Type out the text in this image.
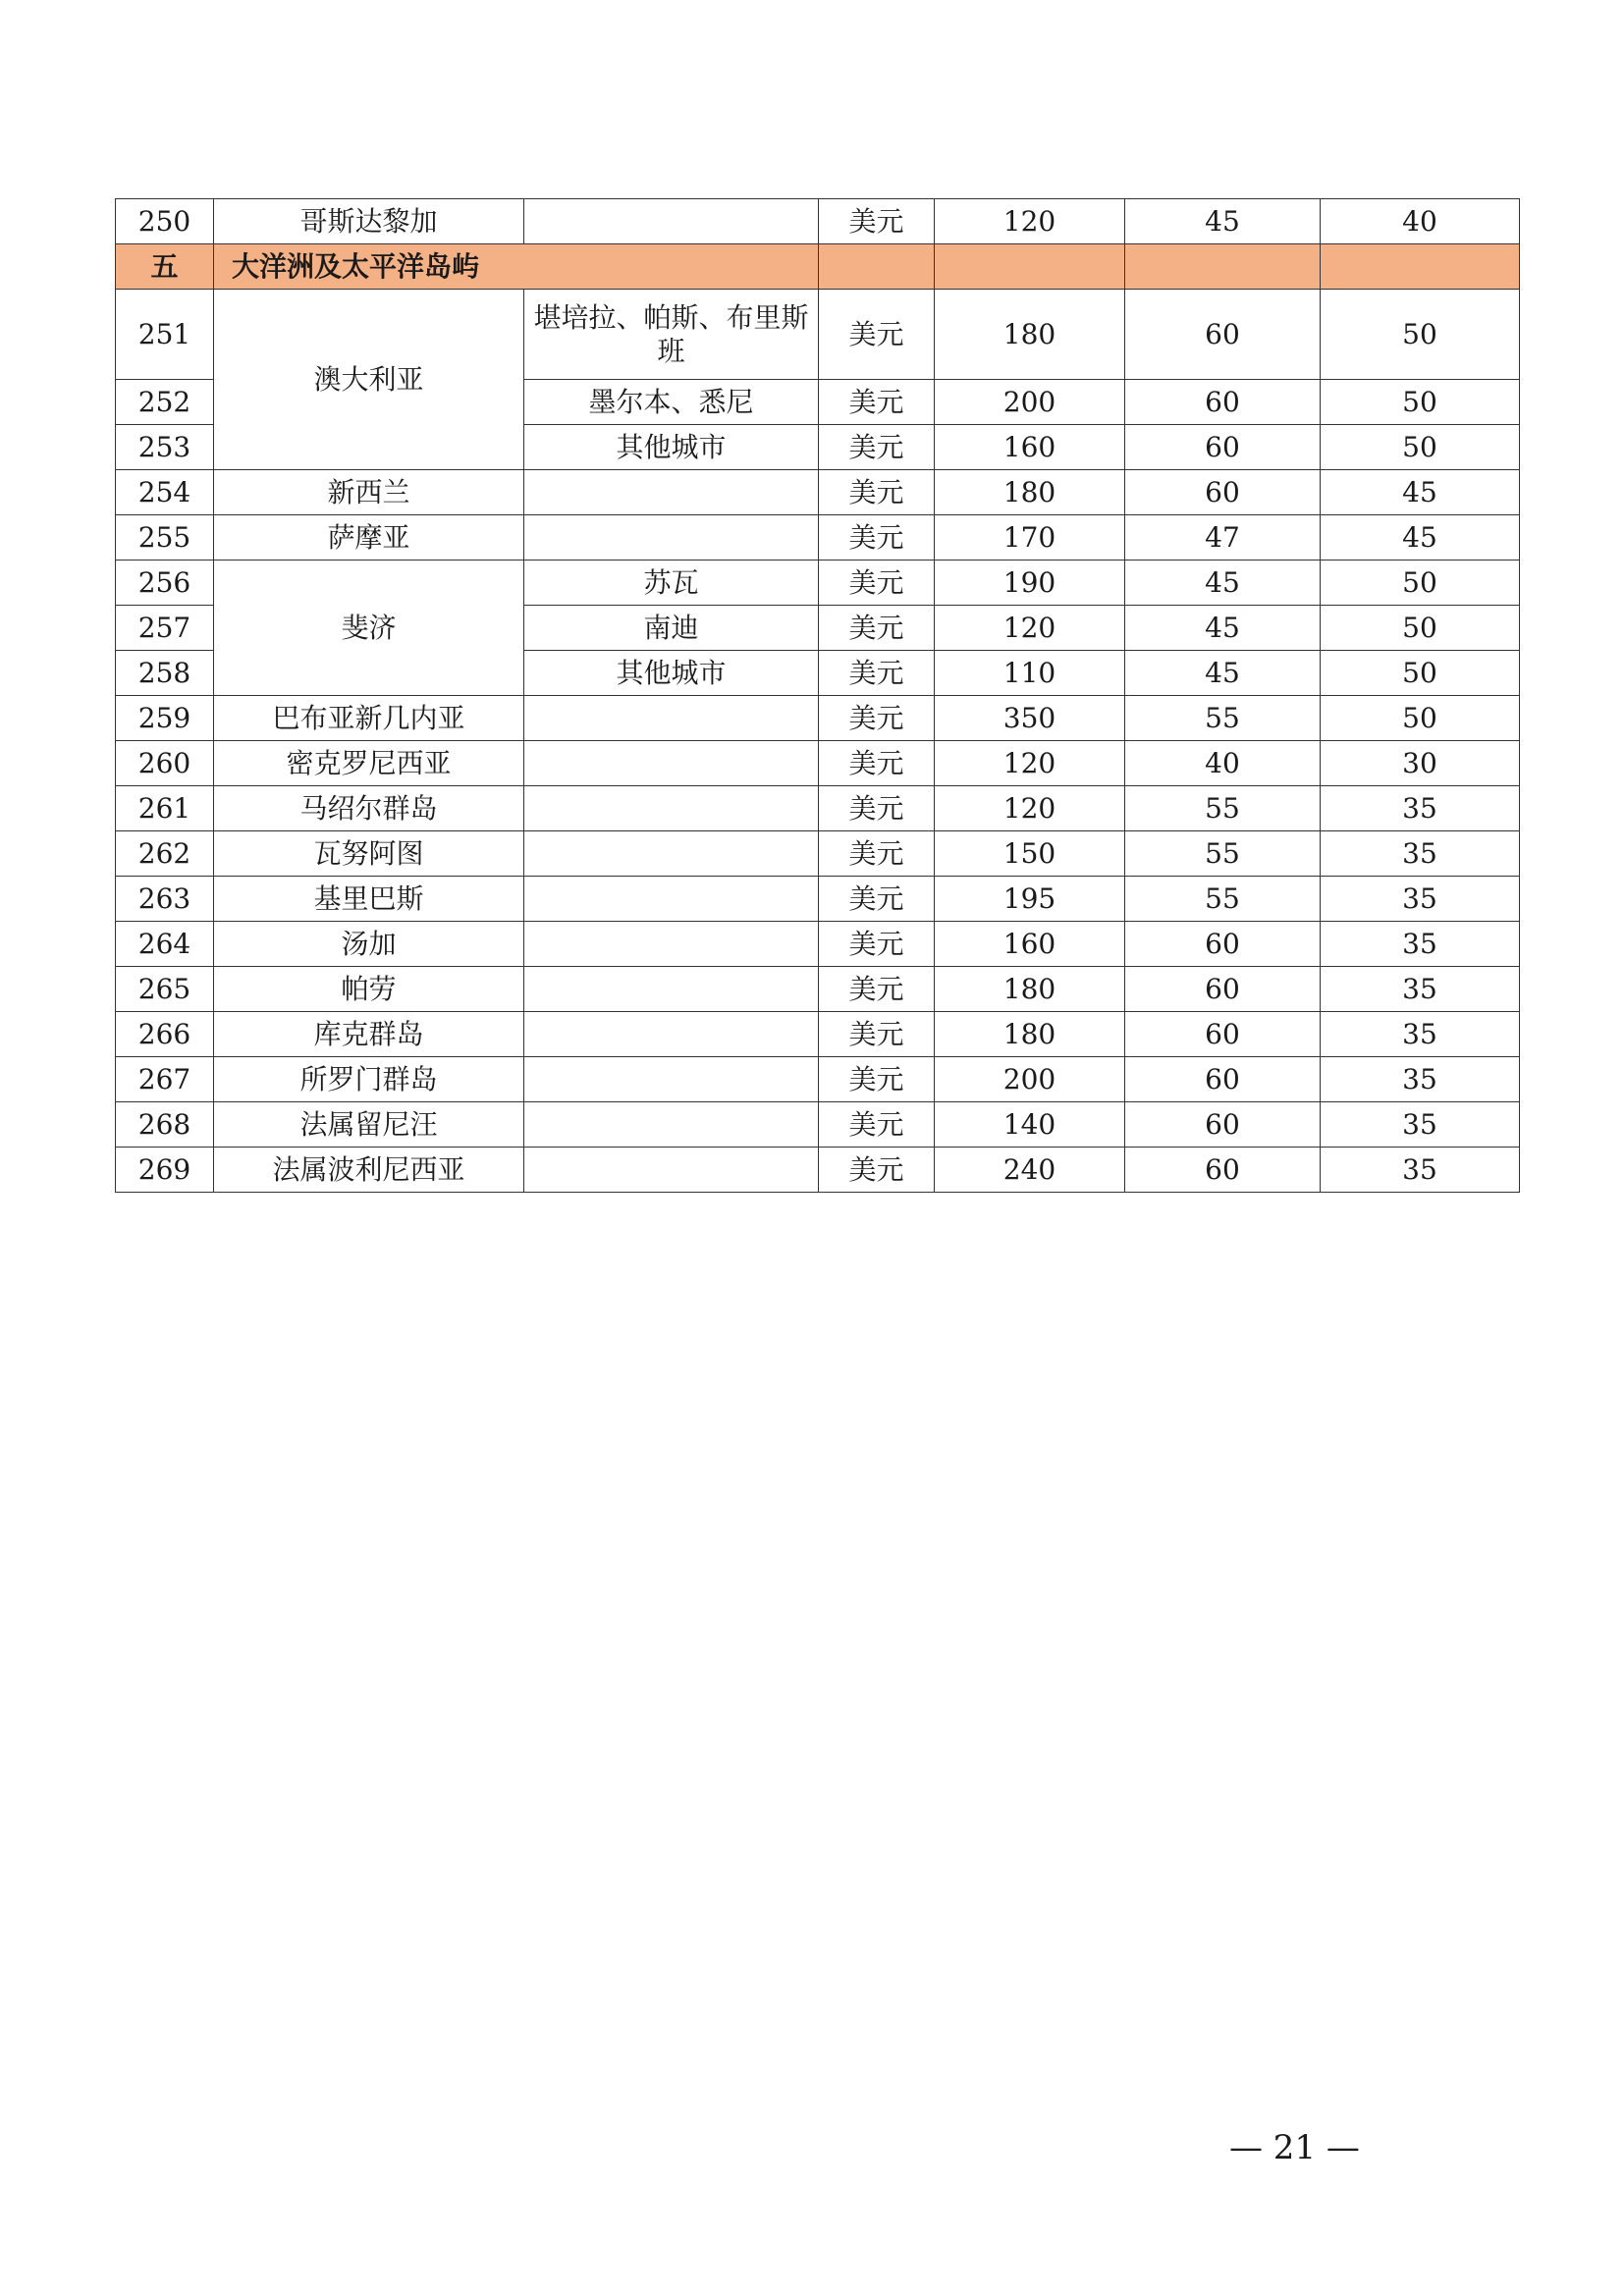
250	哥斯达黎加		美元	120	45	40
五	大洋洲及太平洋岛屿					
251	澳大利亚	堪培拉、帕斯、布里斯班	美元	180	60	50
252		墨尔本、悉尼	美元	200	60	50
253		其他城市	美元	160	60	50
254	新西兰		美元	180	60	45
255	萨摩亚		美元	170	47	45
256	斐济	苏瓦	美元	190	45	50
257		南迪	美元	120	45	50
258		其他城市	美元	110	45	50
259	巴布亚新几内亚		美元	350	55	50
260	密克罗尼西亚		美元	120	40	30
261	马绍尔群岛		美元	120	55	35
262	瓦努阿图		美元	150	55	35
263	基里巴斯		美元	195	55	35
264	汤加		美元	160	60	35
265	帕劳		美元	180	60	35
266	库克群岛		美元	180	60	35
267	所罗门群岛		美元	200	60	35
268	法属留尼汪		美元	140	60	35
269	法属波利尼西亚		美元	240	60	35
— 21 —
